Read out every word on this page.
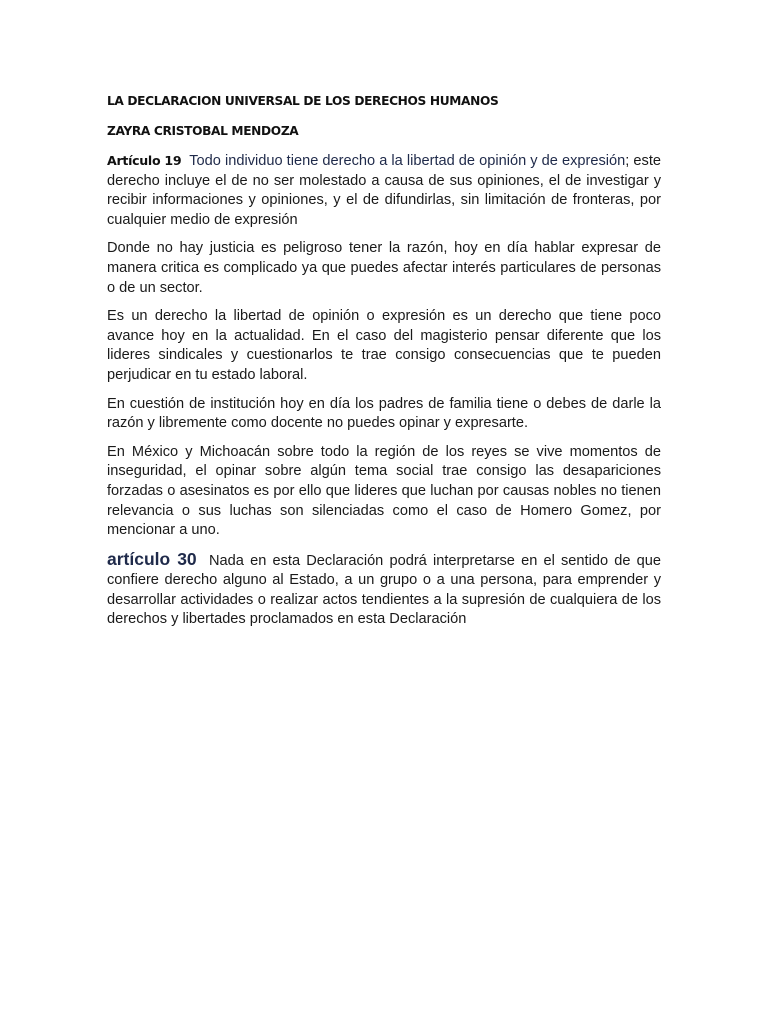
LA DECLARACION UNIVERSAL DE LOS DERECHOS HUMANOS
ZAYRA CRISTOBAL MENDOZA

Artículo 19 Todo individuo tiene derecho a la libertad de opinión y de expresión; este derecho incluye el de no ser molestado a causa de sus opiniones, el de investigar y recibir informaciones y opiniones, y el de difundirlas, sin limitación de fronteras, por cualquier medio de expresión

Donde no hay justicia es peligroso tener la razón, hoy en día hablar expresar de manera critica es complicado ya que puedes afectar interés particulares de personas o de un sector.

Es un derecho la libertad de opinión o expresión es un derecho que tiene poco avance hoy en la actualidad. En el caso del magisterio pensar diferente que los lideres sindicales y cuestionarlos te trae consigo consecuencias que te pueden perjudicar en tu estado laboral.

En cuestión de institución hoy en día los padres de familia tiene o debes de darle la razón y libremente como docente no puedes opinar y expresarte.

En México y Michoacán sobre todo la región de los reyes se vive momentos de inseguridad, el opinar sobre algún tema social trae consigo las desapariciones forzadas o asesinatos es por ello que lideres que luchan por causas nobles no tienen relevancia o sus luchas son silenciadas como el caso de Homero Gomez, por mencionar a uno.

artículo 30 Nada en esta Declaración podrá interpretarse en el sentido de que confiere derecho alguno al Estado, a un grupo o a una persona, para emprender y desarrollar actividades o realizar actos tendientes a la supresión de cualquiera de los derechos y libertades proclamados en esta Declaración
